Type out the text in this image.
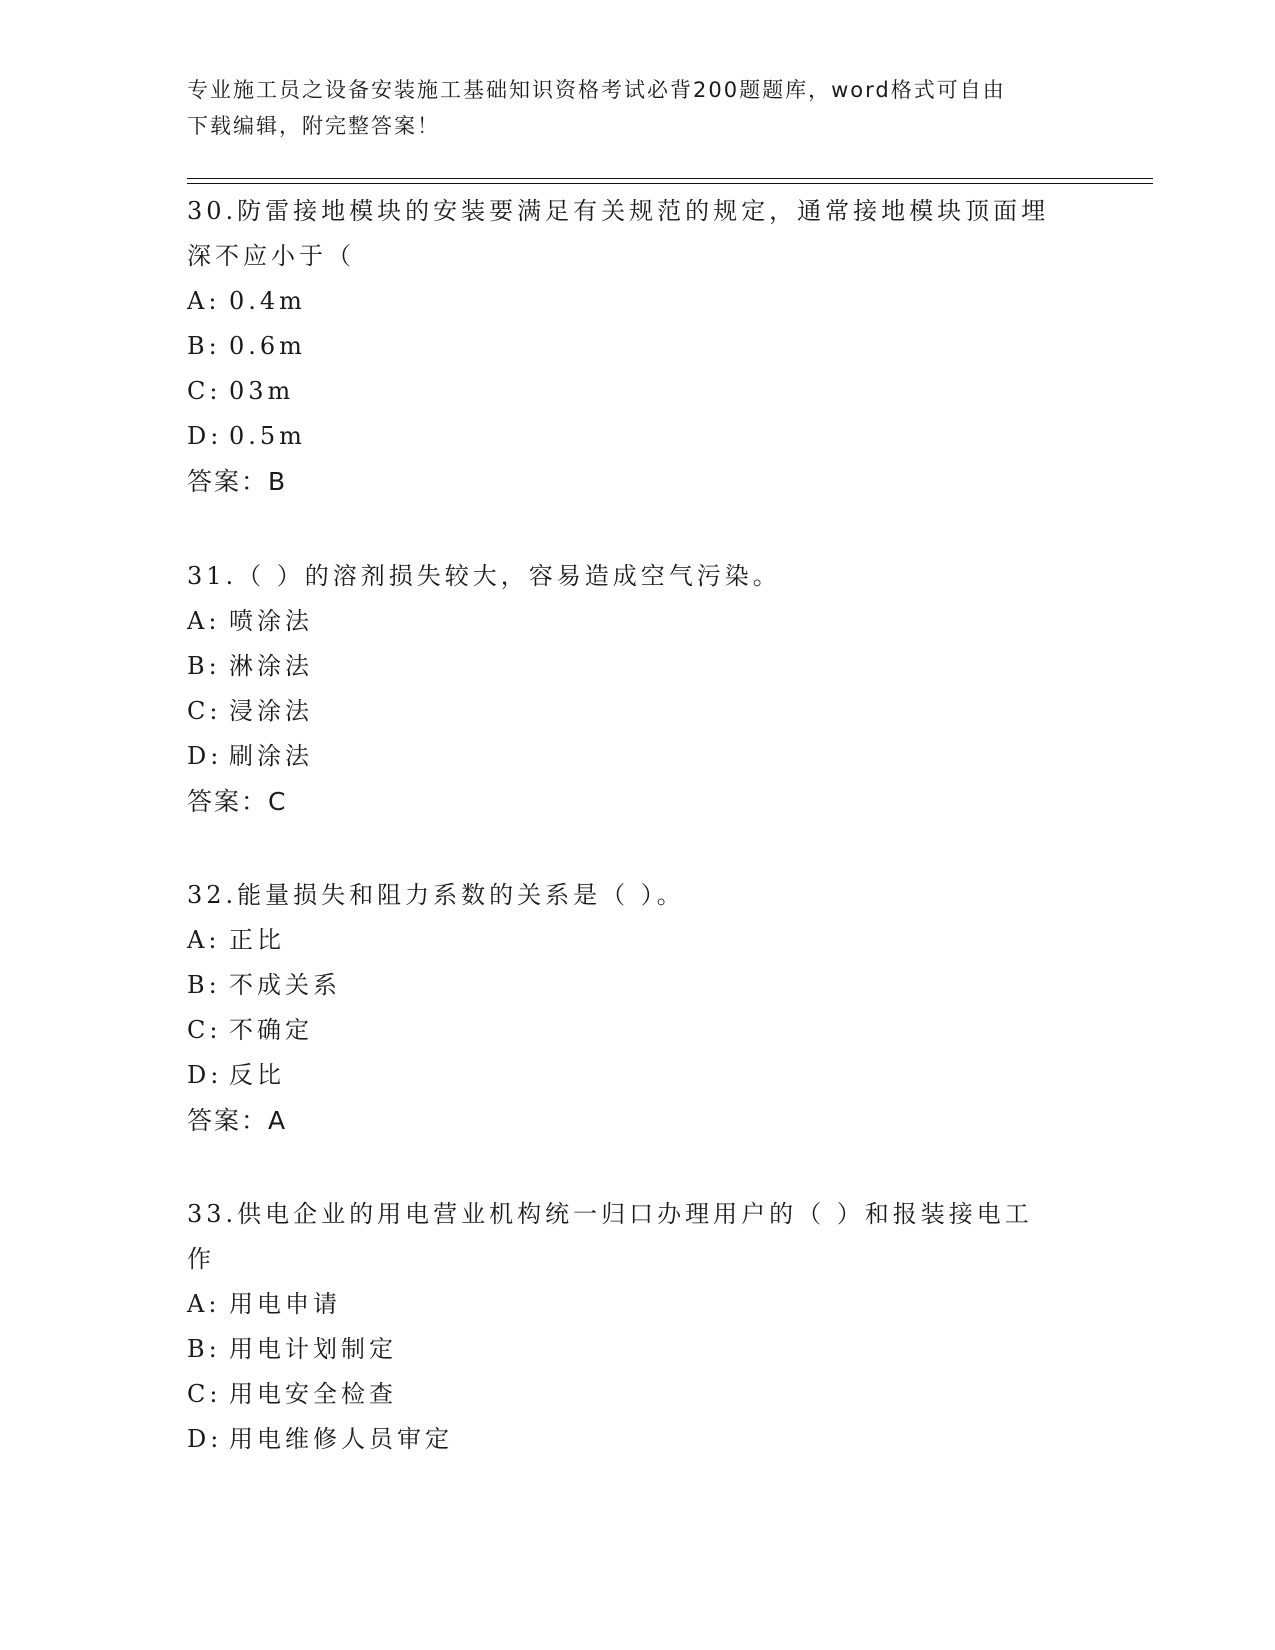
专业施工员之设备安装施工基础知识资格考试必背200题题库，word格式可自由
下载编辑，附完整答案！
30.防雷接地模块的安装要满足有关规范的规定，通常接地模块顶面埋
深不应小于（
A: 0.4m
B: 0.6m
C: 03m
D: 0.5m
答案：B
31.（ ）的溶剂损失较大，容易造成空气污染。
A: 喷涂法
B: 淋涂法
C: 浸涂法
D: 刷涂法
答案：C
32.能量损失和阻力系数的关系是（ ）。
A: 正比
B: 不成关系
C: 不确定
D: 反比
答案：A
33.供电企业的用电营业机构统一归口办理用户的（ ）和报装接电工
作
A: 用电申请
B: 用电计划制定
C: 用电安全检查
D: 用电维修人员审定
